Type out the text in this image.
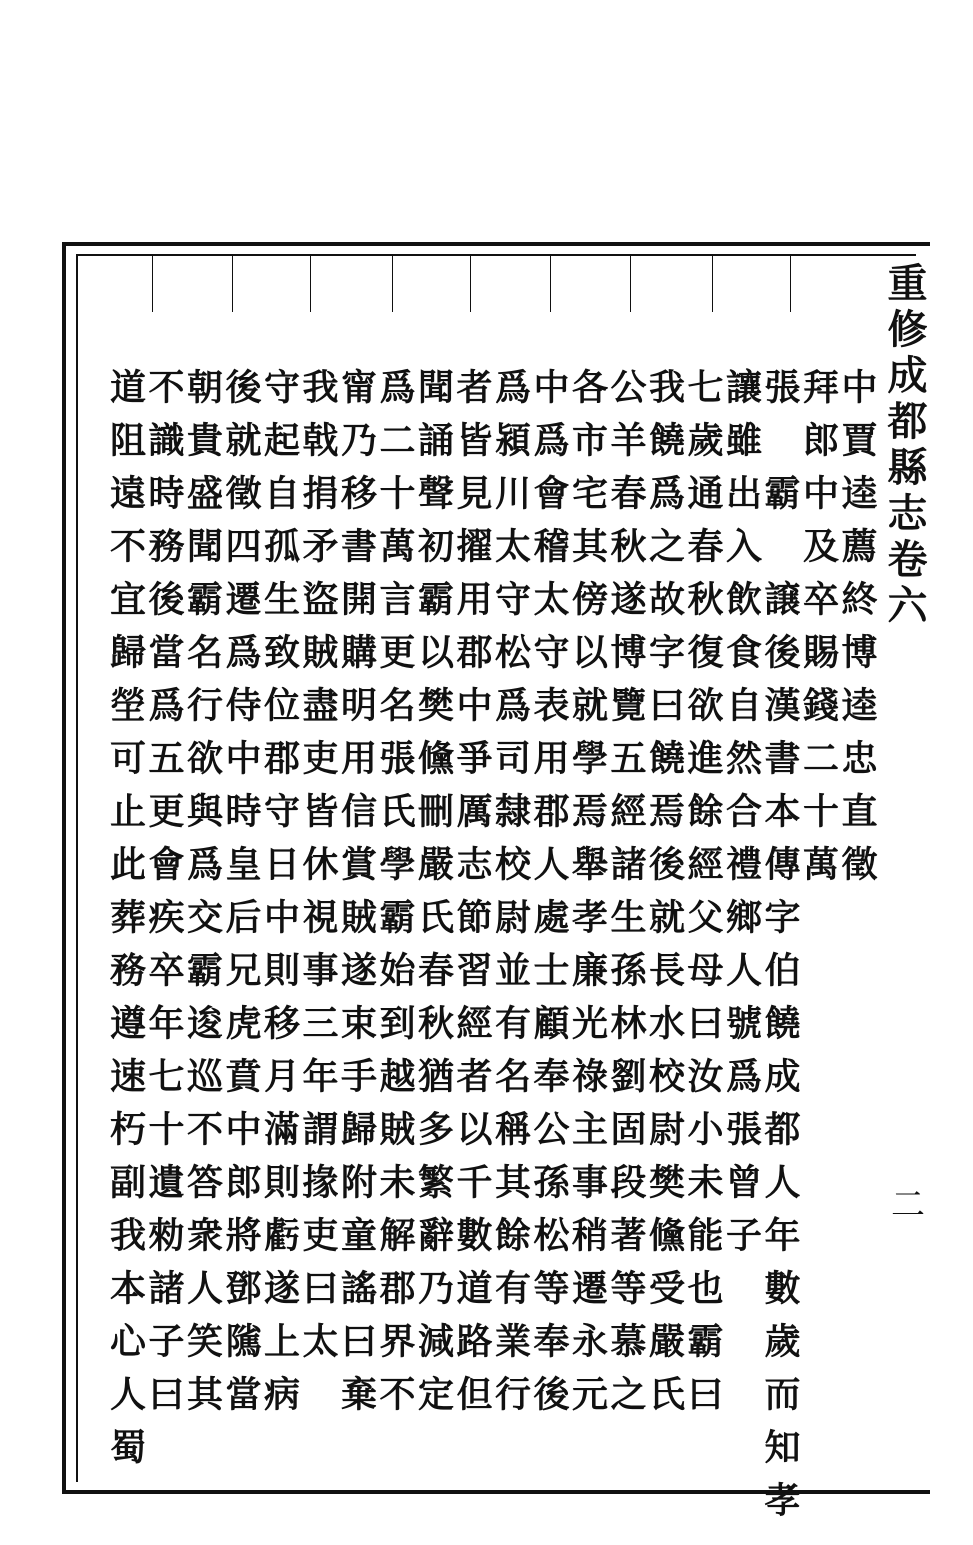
重修成都縣志卷六
二
中賈逵薦終博逵忠直徵
拜郎中及卒賜錢二十萬
張　霸　譲後漢書本傳字伯饒成都人年數歲而知孝
讓雖出入飲食自然合禮鄉人號爲張曾子
七歲通春秋復欲進餘經父母曰汝小未能也霸曰
我饒爲之故字曰饒焉後就長水校尉樊儵受嚴氏
公羊春秋遂博覽五經諸生孫林劉固段著等慕之
各市宅其傍以就學焉舉孝廉光祿主事稍遷永元
中爲會稽太守表用郡人處士顧奉公孫松等奉後
爲潁川太守松爲司隸校尉並有名稱其餘有業行
者皆見擢用郡中爭厲志節習經者以千數道路但
聞誦聲初霸以樊儵刪嚴氏春秋猶多繁辭乃減定
爲二十萬言更名張氏學霸始到越賊未解郡界不
甯乃移書開購明用信賞賊遂束手歸附童謠曰棄
我戟捐矛盜賊盡吏皆休視事三年謂掾吏曰太
守起自孤生致位郡守日中則移月滿則虧遂上病
後就徵四遷爲侍中時皇后兄虎賁中郎將鄧隲當
朝貴盛聞霸名行欲與爲交霸逡巡不答衆人笑其
不識時務後當爲五更會疾卒年七十遺勑諸子曰
道阻遠不宜歸塋可止此葬務遵速朽副我本心人蜀
